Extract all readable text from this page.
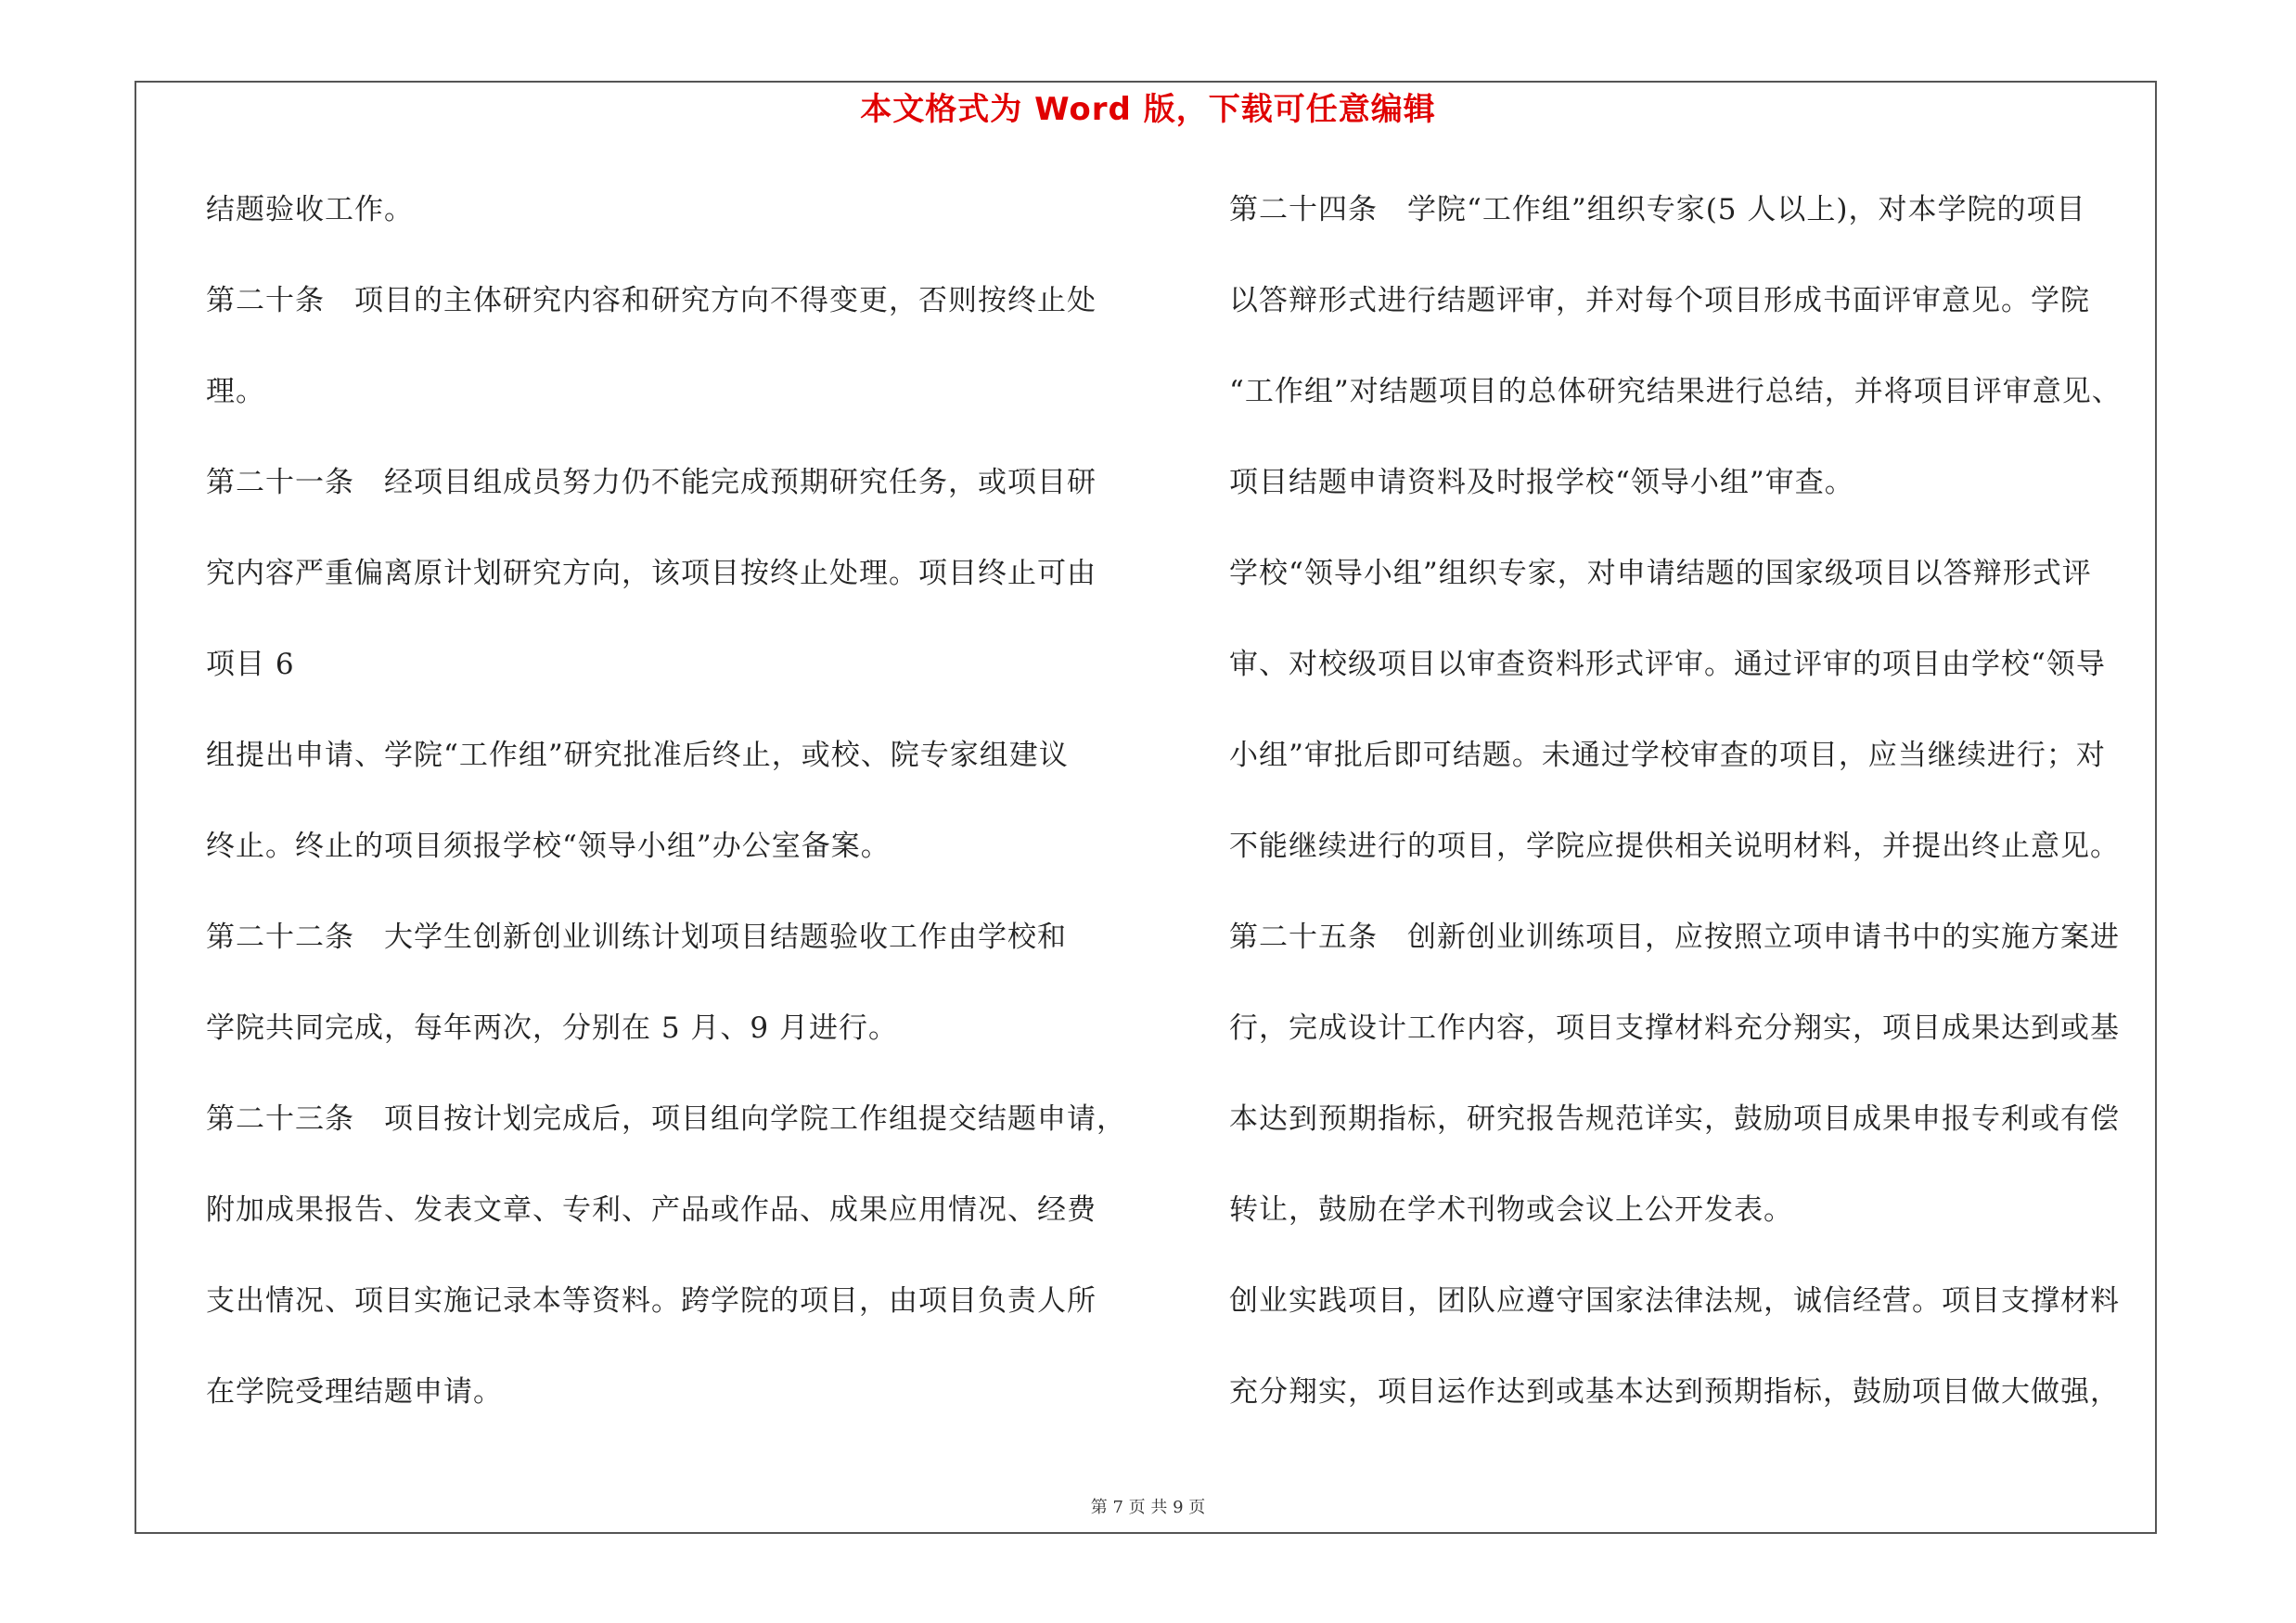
本文格式为 Word 版，下载可任意编辑
结题验收工作。
第二十条　项目的主体研究内容和研究方向不得变更，否则按终止处
理。
第二十一条　经项目组成员努力仍不能完成预期研究任务，或项目研
究内容严重偏离原计划研究方向，该项目按终止处理。项目终止可由
项目 6
组提出申请、学院“工作组”研究批准后终止，或校、院专家组建议
终止。终止的项目须报学校“领导小组”办公室备案。
第二十二条　大学生创新创业训练计划项目结题验收工作由学校和
学院共同完成，每年两次，分别在 5 月、9 月进行。
第二十三条　项目按计划完成后，项目组向学院工作组提交结题申请，
附加成果报告、发表文章、专利、产品或作品、成果应用情况、经费
支出情况、项目实施记录本等资料。跨学院的项目，由项目负责人所
在学院受理结题申请。
第二十四条　学院“工作组”组织专家(5 人以上)，对本学院的项目
以答辩形式进行结题评审，并对每个项目形成书面评审意见。学院
“工作组”对结题项目的总体研究结果进行总结，并将项目评审意见、
项目结题申请资料及时报学校“领导小组”审查。
学校“领导小组”组织专家，对申请结题的国家级项目以答辩形式评
审、对校级项目以审查资料形式评审。通过评审的项目由学校“领导
小组”审批后即可结题。未通过学校审查的项目，应当继续进行；对
不能继续进行的项目，学院应提供相关说明材料，并提出终止意见。
第二十五条　创新创业训练项目，应按照立项申请书中的实施方案进
行，完成设计工作内容，项目支撑材料充分翔实，项目成果达到或基
本达到预期指标，研究报告规范详实，鼓励项目成果申报专利或有偿
转让，鼓励在学术刊物或会议上公开发表。
创业实践项目，团队应遵守国家法律法规，诚信经营。项目支撑材料
充分翔实，项目运作达到或基本达到预期指标，鼓励项目做大做强，
第 7 页 共 9 页
